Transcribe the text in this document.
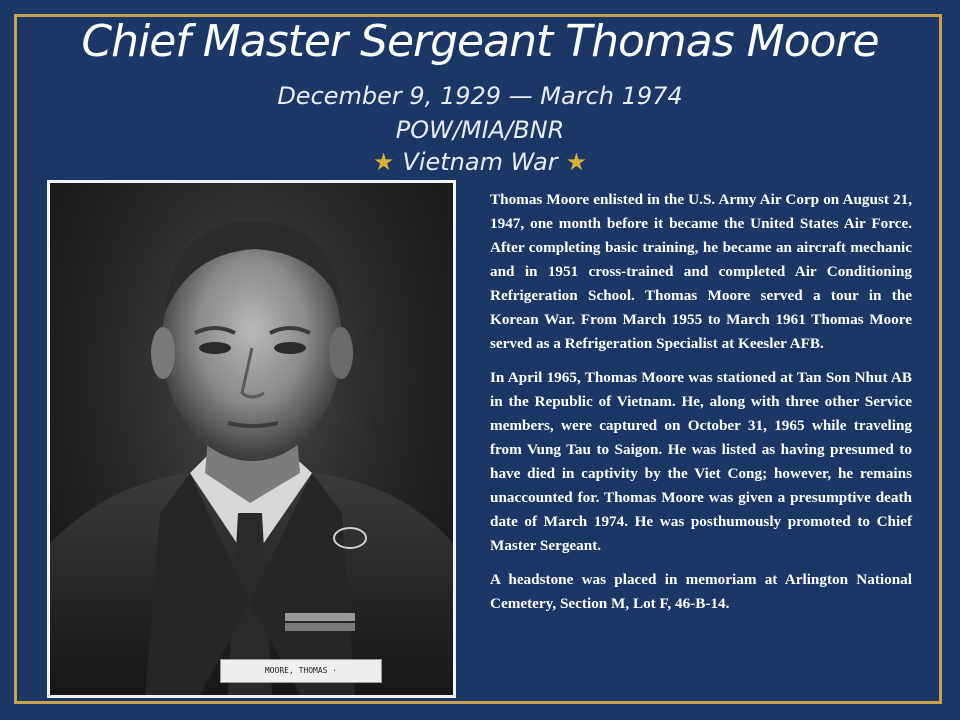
Chief Master Sergeant Thomas Moore
December 9, 1929 — March 1974
POW/MIA/BNR
★ Vietnam War ★
MOORE, THOMAS ·

Thomas Moore enlisted in the U.S. Army Air Corp on August 21, 1947, one month before it became the United States Air Force. After completing basic training, he became an aircraft mechanic and in 1951 cross-trained and completed Air Conditioning Refrigeration School. Thomas Moore served a tour in the Korean War. From March 1955 to March 1961 Thomas Moore served as a Refrigeration Specialist at Keesler AFB.

In April 1965, Thomas Moore was stationed at Tan Son Nhut AB in the Republic of Vietnam. He, along with three other Service members, were captured on October 31, 1965 while traveling from Vung Tau to Saigon. He was listed as having presumed to have died in captivity by the Viet Cong; however, he remains unaccounted for. Thomas Moore was given a presumptive death date of March 1974. He was posthumously promoted to Chief Master Sergeant.

A headstone was placed in memoriam at Arlington National Cemetery, Section M, Lot F, 46-B-14.
